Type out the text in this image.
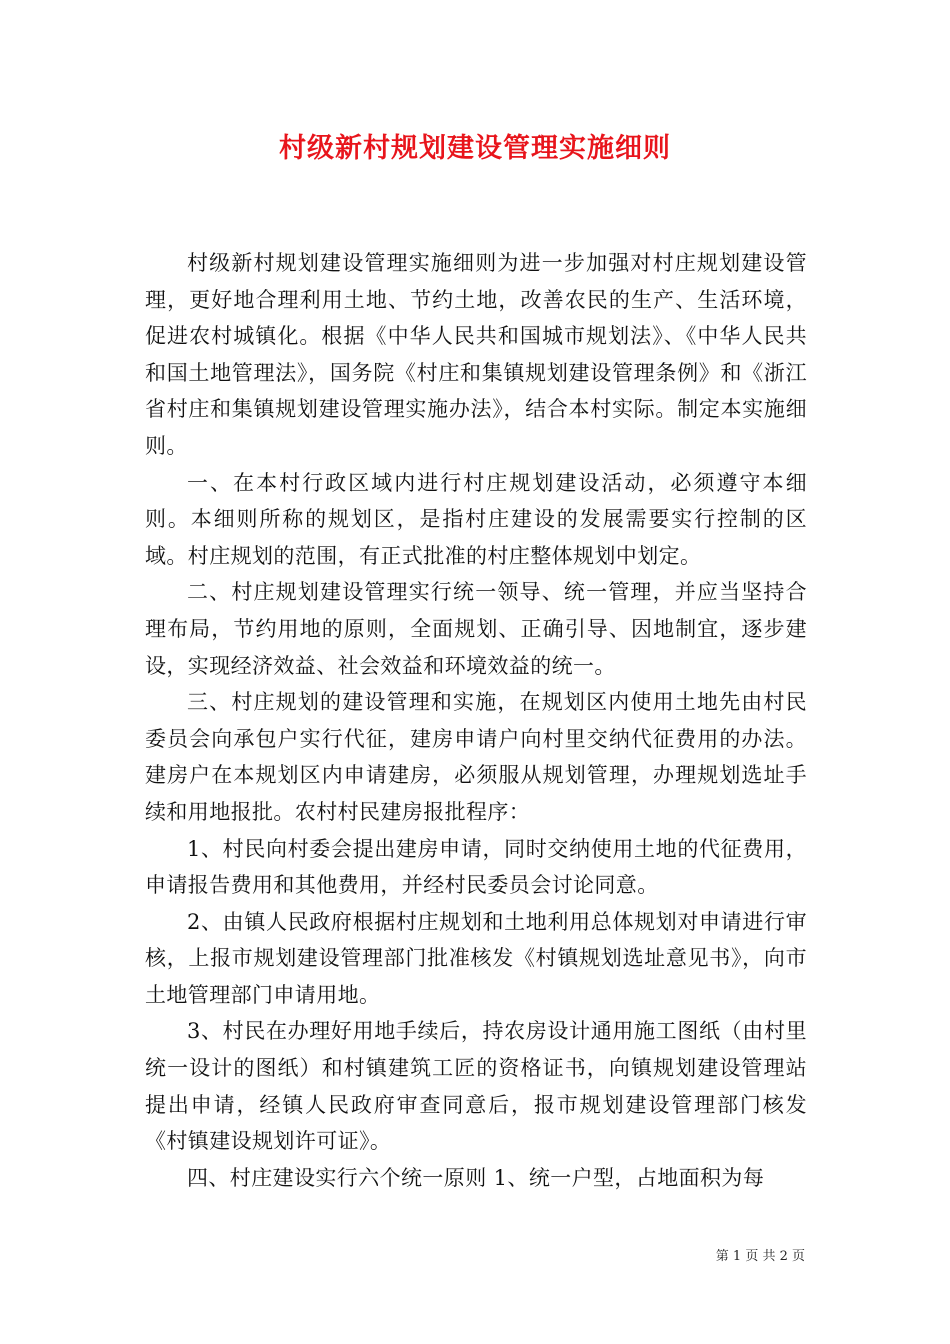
村级新村规划建设管理实施细则

村级新村规划建设管理实施细则为进一步加强对村庄规划建设管理，更好地合理利用土地、节约土地，改善农民的生产、生活环境，促进农村城镇化。根据《中华人民共和国城市规划法》、《中华人民共和国土地管理法》，国务院《村庄和集镇规划建设管理条例》和《浙江省村庄和集镇规划建设管理实施办法》，结合本村实际。制定本实施细则。

一、在本村行政区域内进行村庄规划建设活动，必须遵守本细则。本细则所称的规划区，是指村庄建设的发展需要实行控制的区域。村庄规划的范围，有正式批准的村庄整体规划中划定。

二、村庄规划建设管理实行统一领导、统一管理，并应当坚持合理布局，节约用地的原则，全面规划、正确引导、因地制宜，逐步建设，实现经济效益、社会效益和环境效益的统一。

三、村庄规划的建设管理和实施，在规划区内使用土地先由村民委员会向承包户实行代征，建房申请户向村里交纳代征费用的办法。建房户在本规划区内申请建房，必须服从规划管理，办理规划选址手续和用地报批。农村村民建房报批程序：

1、村民向村委会提出建房申请，同时交纳使用土地的代征费用，申请报告费用和其他费用，并经村民委员会讨论同意。

2、由镇人民政府根据村庄规划和土地利用总体规划对申请进行审核，上报市规划建设管理部门批准核发《村镇规划选址意见书》，向市土地管理部门申请用地。

3、村民在办理好用地手续后，持农房设计通用施工图纸（由村里统一设计的图纸）和村镇建筑工匠的资格证书，向镇规划建设管理站提出申请，经镇人民政府审查同意后，报市规划建设管理部门核发《村镇建设规划许可证》。

四、村庄建设实行六个统一原则 1、统一户型，占地面积为每

第 1 页 共 2 页
